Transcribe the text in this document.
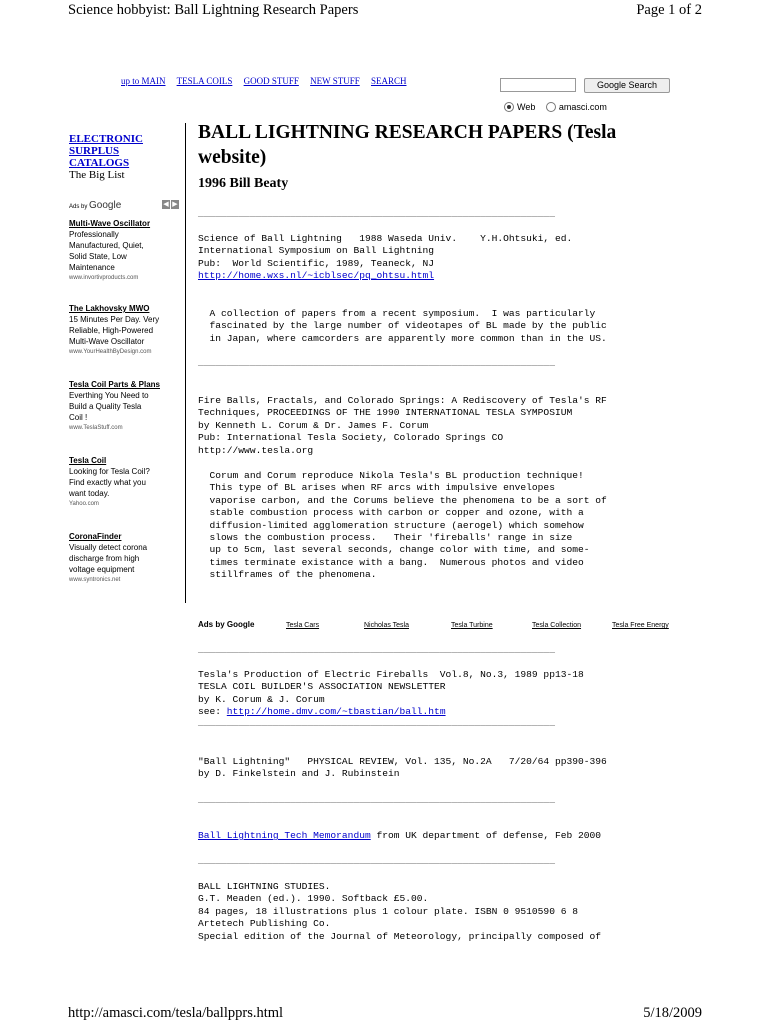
Science hobbyist: Ball Lightning Research Papers	Page 1 of 2
up to MAIN TESLA COILS GOOD STUFF NEW STUFF SEARCH	Google Search
Web	amasci.com
ELECTRONIC
SURPLUS
CATALOGS
The Big List
Ads by Google	◀ ▶
Multi-Wave Oscillator
Professionally
Manufactured, Quiet,
Solid State, Low
Maintenance
www.invortivproducts.com
The Lakhovsky MWO
15 Minutes Per Day. Very
Reliable, High-Powered
Multi-Wave Oscillator
www.YourHealthByDesign.com
Tesla Coil Parts & Plans
Everthing You Need to
Build a Quality Tesla
Coil !
www.TeslaStuff.com
Tesla Coil
Looking for Tesla Coil?
Find exactly what you
want today.
Yahoo.com
CoronaFinder
Visually detect corona
discharge from high
voltage equipment
www.syntronics.net
BALL LIGHTNING RESEARCH PAPERS (Tesla website)
1996 Bill Beaty
______________________________________________________________
Science of Ball Lightning   1988 Waseda Univ.    Y.H.Ohtsuki, ed.
International Symposium on Ball Lightning
Pub:  World Scientific, 1989, Teaneck, NJ
http://home.wxs.nl/~icblsec/pq_ohtsu.html
A collection of papers from a recent symposium.  I was particularly
fascinated by the large number of videotapes of BL made by the public
in Japan, where camcorders are apparently more common than in the US.
______________________________________________________________
Fire Balls, Fractals, and Colorado Springs: A Rediscovery of Tesla's RF
Techniques, PROCEEDINGS OF THE 1990 INTERNATIONAL TESLA SYMPOSIUM
by Kenneth L. Corum & Dr. James F. Corum
Pub: International Tesla Society, Colorado Springs CO
http://www.tesla.org
Corum and Corum reproduce Nikola Tesla's BL production technique!
This type of BL arises when RF arcs with impulsive envelopes
vaporise carbon, and the Corums believe the phenomena to be a sort of
stable combustion process with carbon or copper and ozone, with a
diffusion-limited agglomeration structure (aerogel) which somehow
slows the combustion process.   Their 'fireballs' range in size
up to 5cm, last several seconds, change color with time, and some-
times terminate existance with a bang.  Numerous photos and video
stillframes of the phenomena.
Ads by Google	Tesla Cars	Nicholas Tesla	Tesla Turbine	Tesla Collection	Tesla Free Energy
______________________________________________________________
Tesla's Production of Electric Fireballs  Vol.8, No.3, 1989 pp13-18
TESLA COIL BUILDER'S ASSOCIATION NEWSLETTER
by K. Corum & J. Corum
see: http://home.dmv.com/~tbastian/ball.htm
______________________________________________________________
"Ball Lightning"   PHYSICAL REVIEW, Vol. 135, No.2A   7/20/64 pp390-396
by D. Finkelstein and J. Rubinstein
______________________________________________________________
Ball Lightning Tech Memorandum from UK department of defense, Feb 2000
______________________________________________________________
BALL LIGHTNING STUDIES.
G.T. Meaden (ed.). 1990. Softback £5.00.
84 pages, 18 illustrations plus 1 colour plate. ISBN 0 9510590 6 8
Artetech Publishing Co.
Special edition of the Journal of Meteorology, principally composed of
http://amasci.com/tesla/ballpprs.html	5/18/2009
